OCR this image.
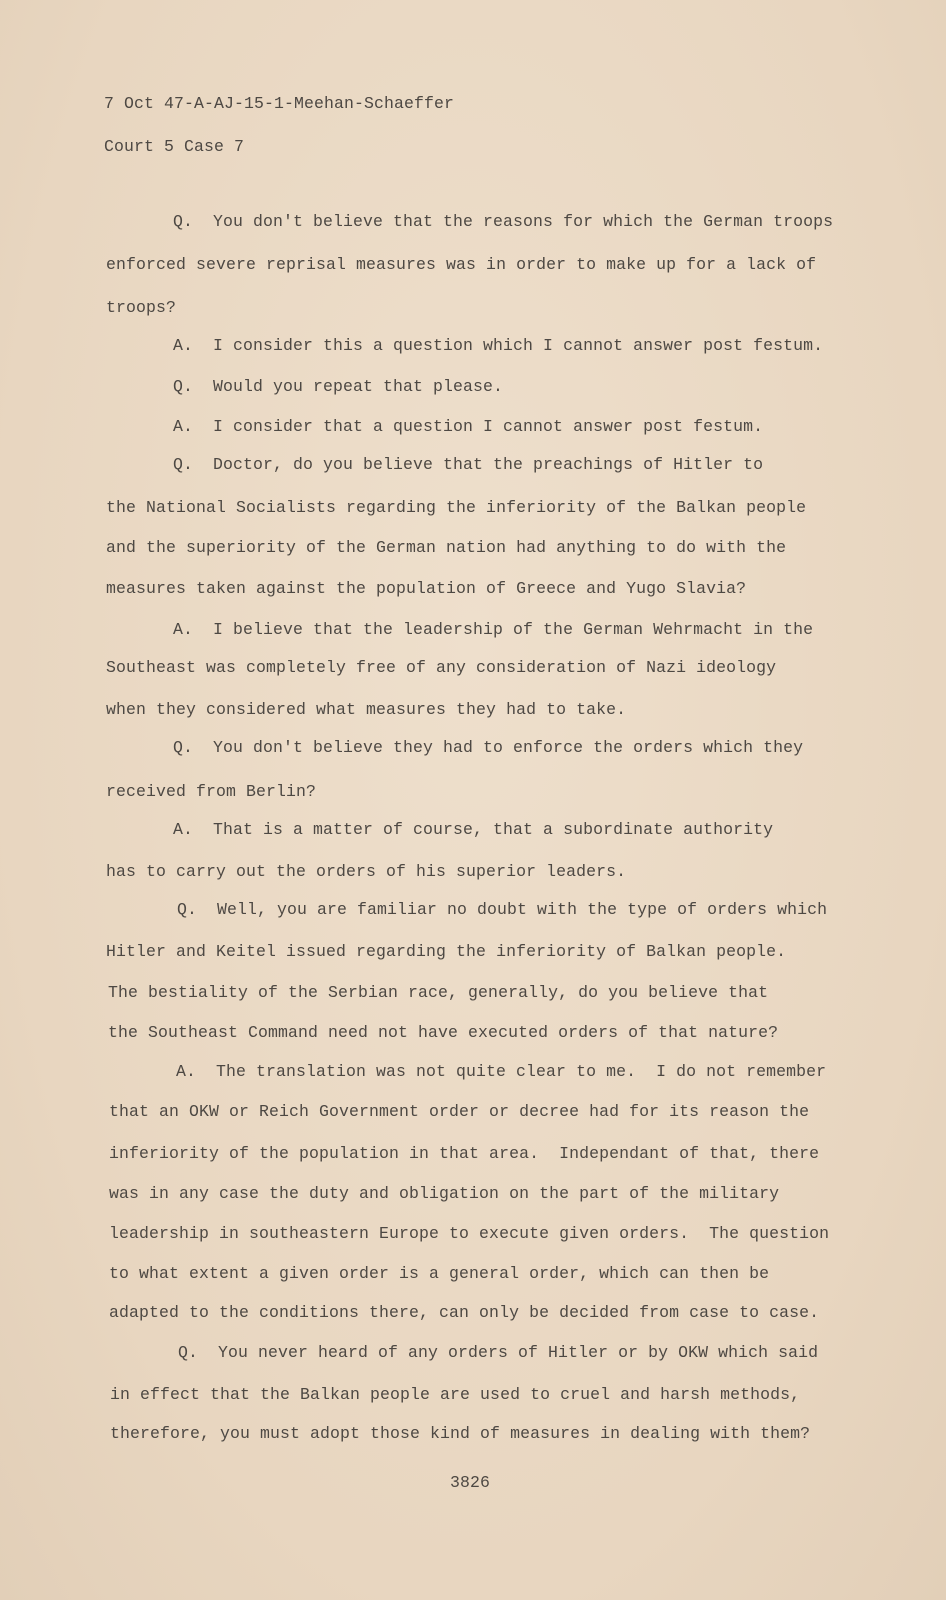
7 Oct 47-A-AJ-15-1-Meehan-Schaeffer
Court 5 Case 7
Q.  You don't believe that the reasons for which the German troops
enforced severe reprisal measures was in order to make up for a lack of
troops?
A.  I consider this a question which I cannot answer post festum.
Q.  Would you repeat that please.
A.  I consider that a question I cannot answer post festum.
Q.  Doctor, do you believe that the preachings of Hitler to
the National Socialists regarding the inferiority of the Balkan people
and the superiority of the German nation had anything to do with the
measures taken against the population of Greece and Yugo Slavia?
A.  I believe that the leadership of the German Wehrmacht in the
Southeast was completely free of any consideration of Nazi ideology
when they considered what measures they had to take.
Q.  You don't believe they had to enforce the orders which they
received from Berlin?
A.  That is a matter of course, that a subordinate authority
has to carry out the orders of his superior leaders.
Q.  Well, you are familiar no doubt with the type of orders which
Hitler and Keitel issued regarding the inferiority of Balkan people.
The bestiality of the Serbian race, generally, do you believe that
the Southeast Command need not have executed orders of that nature?
A.  The translation was not quite clear to me.  I do not remember
that an OKW or Reich Government order or decree had for its reason the
inferiority of the population in that area.  Independant of that, there
was in any case the duty and obligation on the part of the military
leadership in southeastern Europe to execute given orders.  The question
to what extent a given order is a general order, which can then be
adapted to the conditions there, can only be decided from case to case.
Q.  You never heard of any orders of Hitler or by OKW which said
in effect that the Balkan people are used to cruel and harsh methods,
therefore, you must adopt those kind of measures in dealing with them?
3826
